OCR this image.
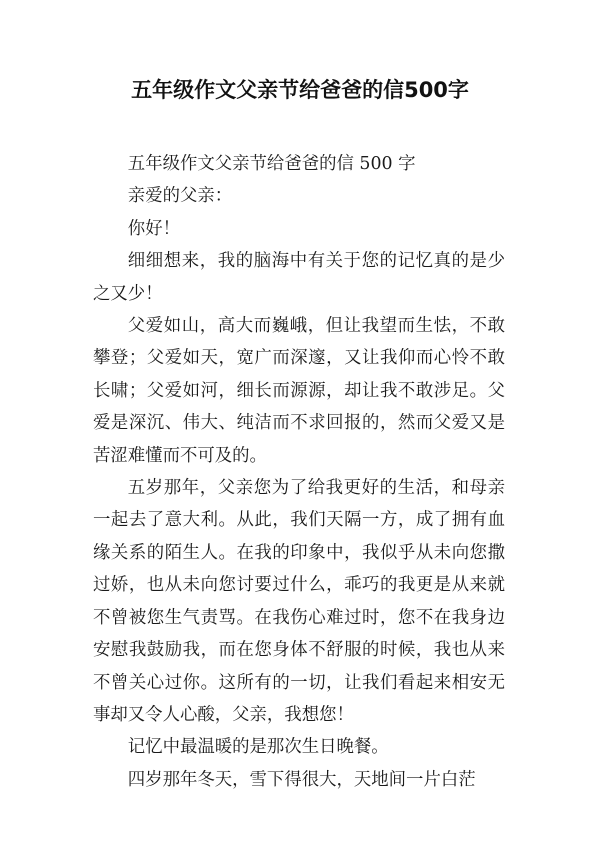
五年级作文父亲节给爸爸的信500字

五年级作文父亲节给爸爸的信 500 字

亲爱的父亲：

你好！

细细想来，我的脑海中有关于您的记忆真的是少之又少！

父爱如山，高大而巍峨，但让我望而生怯，不敢攀登；父爱如天，宽广而深邃，又让我仰而心怜不敢长啸；父爱如河，细长而源源，却让我不敢涉足。父爱是深沉、伟大、纯洁而不求回报的，然而父爱又是苦涩难懂而不可及的。

五岁那年，父亲您为了给我更好的生活，和母亲一起去了意大利。从此，我们天隔一方，成了拥有血缘关系的陌生人。在我的印象中，我似乎从未向您撒过娇，也从未向您讨要过什么，乖巧的我更是从来就不曾被您生气责骂。在我伤心难过时，您不在我身边安慰我鼓励我，而在您身体不舒服的时候，我也从来不曾关心过你。这所有的一切，让我们看起来相安无事却又令人心酸，父亲，我想您！

记忆中最温暖的是那次生日晚餐。

四岁那年冬天，雪下得很大，天地间一片白茫
